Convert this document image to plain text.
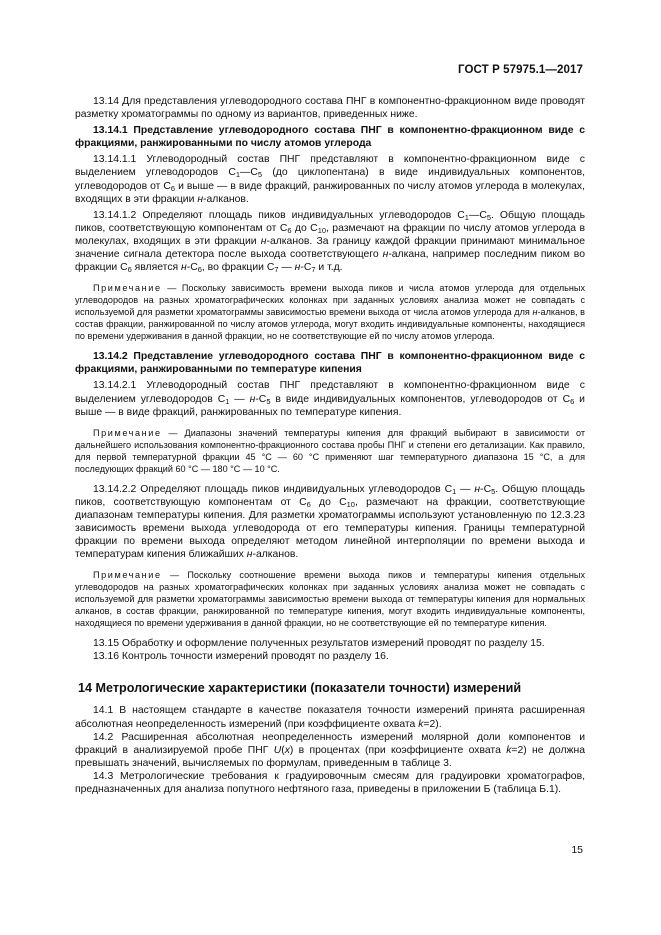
ГОСТ Р 57975.1—2017

13.14 Для представления углеводородного состава ПНГ в компонентно-фракционном виде проводят разметку хроматограммы по одному из вариантов, приведенных ниже.

13.14.1 Представление углеводородного состава ПНГ в компонентно-фракционном виде с фракциями, ранжированными по числу атомов углерода

13.14.1.1 Углеводородный состав ПНГ представляют в компонентно-фракционном виде с выделением углеводородов $С_1—С_5$ (до циклопентана) в виде индивидуальных компонентов, углеводородов от $С_6$ и выше — в виде фракций, ранжированных по числу атомов углерода в молекулах, входящих в эти фракции н-алканов.

13.14.1.2 Определяют площадь пиков индивидуальных углеводородов $С_1—С_5$. Общую площадь пиков, соответствующую компонентам от $С_6$ до $С_{10}$, размечают на фракции по числу атомов углерода в молекулах, входящих в эти фракции н-алканов. За границу каждой фракции принимают минимальное значение сигнала детектора после выхода соответствующего н-алкана, например последним пиком во фракции $С_6$ является $н-С_6$, во фракции $С_7$ — $н-С_7$ и т.д.

Примечание — Поскольку зависимость времени выхода пиков и числа атомов углерода для отдельных углеводородов на разных хроматографических колонках при заданных условиях анализа может не совпадать с используемой для разметки хроматограммы зависимостью времени выхода от числа атомов углерода для н-алканов, в состав фракции, ранжированной по числу атомов углерода, могут входить индивидуальные компоненты, находящиеся по времени удерживания в данной фракции, но не соответствующие ей по числу атомов углерода.

13.14.2 Представление углеводородного состава ПНГ в компонентно-фракционном виде с фракциями, ранжированными по температуре кипения

13.14.2.1 Углеводородный состав ПНГ представляют в компонентно-фракционном виде с выделением углеводородов $С_1$ — $н-С_5$ в виде индивидуальных компонентов, углеводородов от $С_6$ и выше — в виде фракций, ранжированных по температуре кипения.

Примечание — Диапазоны значений температуры кипения для фракций выбирают в зависимости от дальнейшего использования компонентно-фракционного состава пробы ПНГ и степени его детализации. Как правило, для первой температурной фракции 45 °С — 60 °С применяют шаг температурного диапазона 15 °С, а для последующих фракций 60 °С — 180 °С — 10 °С.

13.14.2.2 Определяют площадь пиков индивидуальных углеводородов $С_1$ — $н-С_5$. Общую площадь пиков, соответствующую компонентам от $С_6$ до $С_{10}$, размечают на фракции, соответствующие диапазонам температуры кипения. Для разметки хроматограммы используют установленную по 12.3.23 зависимость времени выхода углеводорода от его температуры кипения. Границы температурной фракции по времени выхода определяют методом линейной интерполяции по времени выхода и температурам кипения ближайших н-алканов.

Примечание — Поскольку соотношение времени выхода пиков и температуры кипения отдельных углеводородов на разных хроматографических колонках при заданных условиях анализа может не совпадать с используемой для разметки хроматограммы зависимостью времени выхода от температуры кипения для нормальных алканов, в состав фракции, ранжированной по температуре кипения, могут входить индивидуальные компоненты, находящиеся по времени удерживания в данной фракции, но не соответствующие ей по температуре кипения.

13.15 Обработку и оформление полученных результатов измерений проводят по разделу 15.

13.16 Контроль точности измерений проводят по разделу 16.

14 Метрологические характеристики (показатели точности) измерений

14.1 В настоящем стандарте в качестве показателя точности измерений принята расширенная абсолютная неопределенность измерений (при коэффициенте охвата k=2).

14.2 Расширенная абсолютная неопределенность измерений молярной доли компонентов и фракций в анализируемой пробе ПНГ U(x) в процентах (при коэффициенте охвата k=2) не должна превышать значений, вычисляемых по формулам, приведенным в таблице 3.

14.3 Метрологические требования к градуировочным смесям для градуировки хроматографов, предназначенных для анализа попутного нефтяного газа, приведены в приложении Б (таблица Б.1).

15
